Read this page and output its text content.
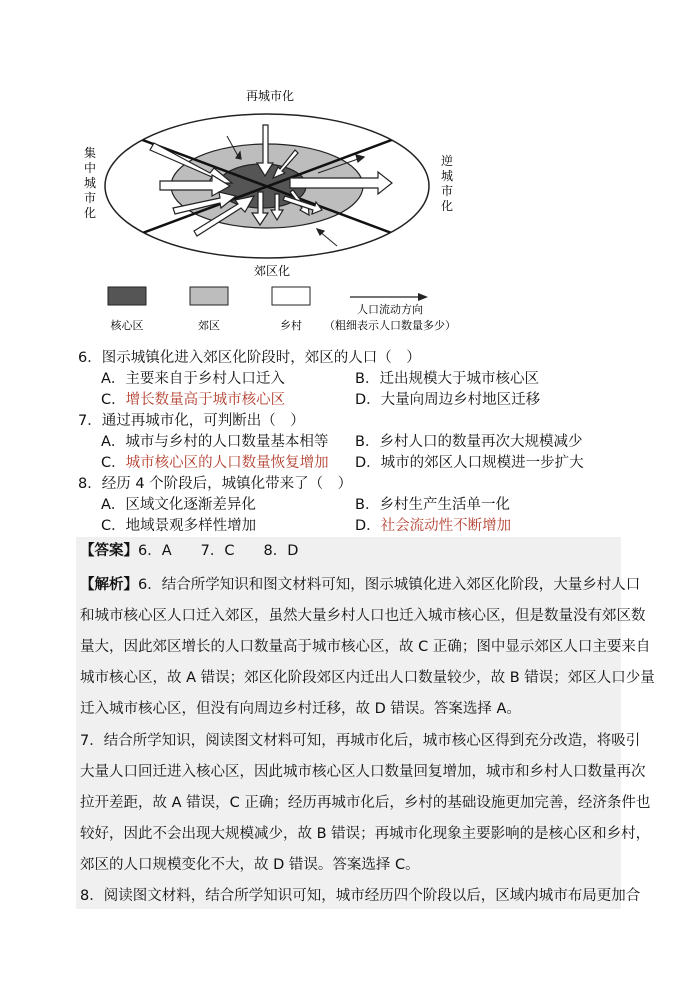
再城市化
郊区化
集
中
城
市
化
逆
城
市
化
核心区	郊区	乡村
人口流动方向
（粗细表示人口数量多少）
6．图示城镇化进入郊区化阶段时，郊区的人口（　）
A．主要来自于乡村人口迁入	B．迁出规模大于城市核心区
C．增长数量高于城市核心区	D．大量向周边乡村地区迁移
7．通过再城市化，可判断出（　）
A．城市与乡村的人口数量基本相等 B．乡村人口的数量再次大规模减少
C．城市核心区的人口数量恢复增加 D．城市的郊区人口规模进一步扩大
8．经历 4 个阶段后，城镇化带来了（　）
A．区域文化逐渐差异化	B．乡村生产生活单一化
C．地域景观多样性增加	D．社会流动性不断增加
【答案】6．A　　7．C　　8．D
【解析】6．结合所学知识和图文材料可知，图示城镇化进入郊区化阶段，大量乡村人口
和城市核心区人口迁入郊区，虽然大量乡村人口也迁入城市核心区，但是数量没有郊区数
量大，因此郊区增长的人口数量高于城市核心区，故 C 正确；图中显示郊区人口主要来自
城市核心区，故 A 错误；郊区化阶段郊区内迁出人口数量较少，故 B 错误；郊区人口少量
迁入城市核心区，但没有向周边乡村迁移，故 D 错误。答案选择 A。
7．结合所学知识，阅读图文材料可知，再城市化后，城市核心区得到充分改造，将吸引
大量人口回迁进入核心区，因此城市核心区人口数量回复增加，城市和乡村人口数量再次
拉开差距，故 A 错误，C 正确；经历再城市化后，乡村的基础设施更加完善，经济条件也
较好，因此不会出现大规模减少，故 B 错误；再城市化现象主要影响的是核心区和乡村，
郊区的人口规模变化不大，故 D 错误。答案选择 C。
8．阅读图文材料，结合所学知识可知，城市经历四个阶段以后，区域内城市布局更加合
